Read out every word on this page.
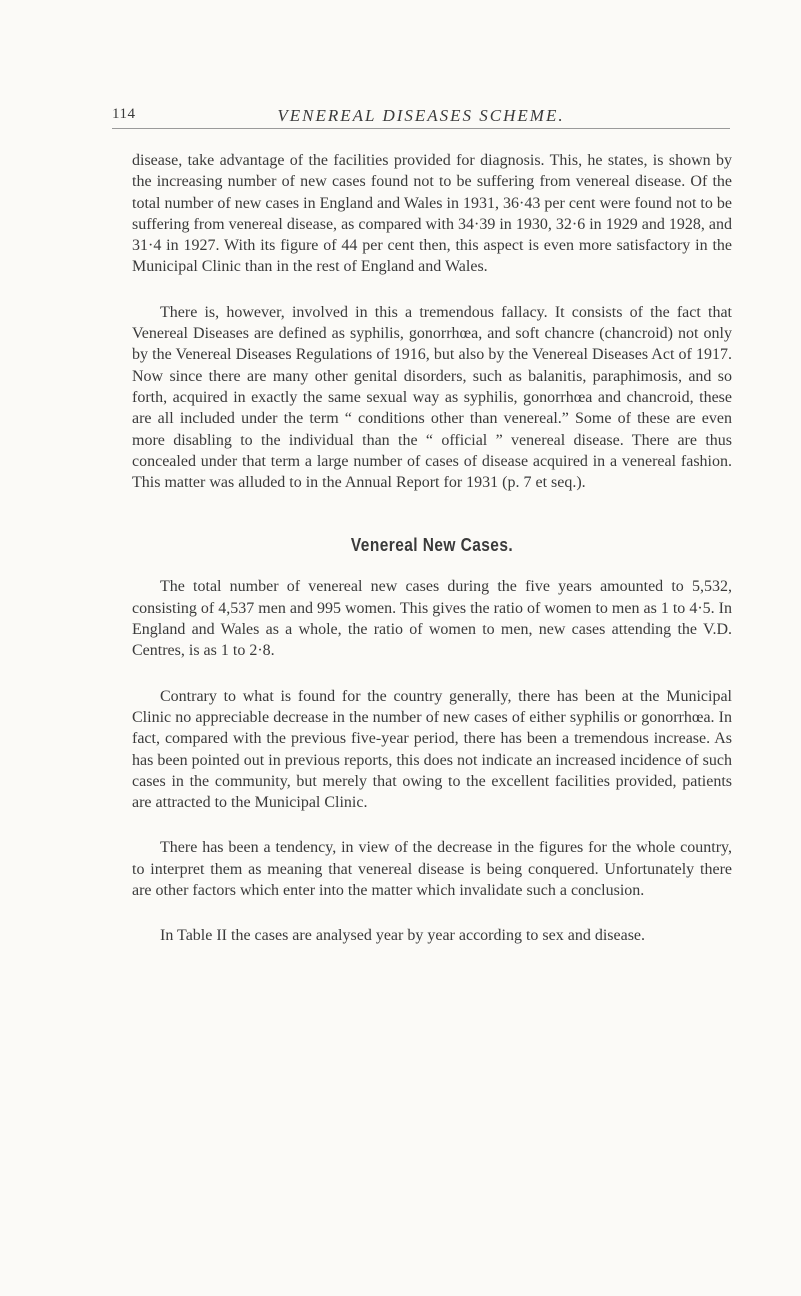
114	VENEREAL DISEASES SCHEME.

disease, take advantage of the facilities provided for diagnosis. This, he states, is shown by the increasing number of new cases found not to be suffering from venereal disease. Of the total number of new cases in England and Wales in 1931, 36·43 per cent were found not to be suffering from venereal disease, as compared with 34·39 in 1930, 32·6 in 1929 and 1928, and 31·4 in 1927. With its figure of 44 per cent then, this aspect is even more satisfactory in the Municipal Clinic than in the rest of England and Wales.

There is, however, involved in this a tremendous fallacy. It consists of the fact that Venereal Diseases are defined as syphilis, gonorrhœa, and soft chancre (chancroid) not only by the Venereal Diseases Regulations of 1916, but also by the Venereal Diseases Act of 1917. Now since there are many other genital disorders, such as balanitis, paraphimosis, and so forth, acquired in exactly the same sexual way as syphilis, gonorrhœa and chancroid, these are all included under the term “ conditions other than venereal.” Some of these are even more disabling to the individual than the “ official ” venereal disease. There are thus concealed under that term a large number of cases of disease acquired in a venereal fashion. This matter was alluded to in the Annual Report for 1931 (p. 7 et seq.).

Venereal New Cases.

The total number of venereal new cases during the five years amounted to 5,532, consisting of 4,537 men and 995 women. This gives the ratio of women to men as 1 to 4·5. In England and Wales as a whole, the ratio of women to men, new cases attending the V.D. Centres, is as 1 to 2·8.

Contrary to what is found for the country generally, there has been at the Municipal Clinic no appreciable decrease in the number of new cases of either syphilis or gonorrhœa. In fact, compared with the previous five-year period, there has been a tremendous increase. As has been pointed out in previous reports, this does not indicate an increased incidence of such cases in the community, but merely that owing to the excellent facilities provided, patients are attracted to the Municipal Clinic.

There has been a tendency, in view of the decrease in the figures for the whole country, to interpret them as meaning that venereal disease is being conquered. Unfortunately there are other factors which enter into the matter which invalidate such a conclusion.

In Table II the cases are analysed year by year according to sex and disease.
